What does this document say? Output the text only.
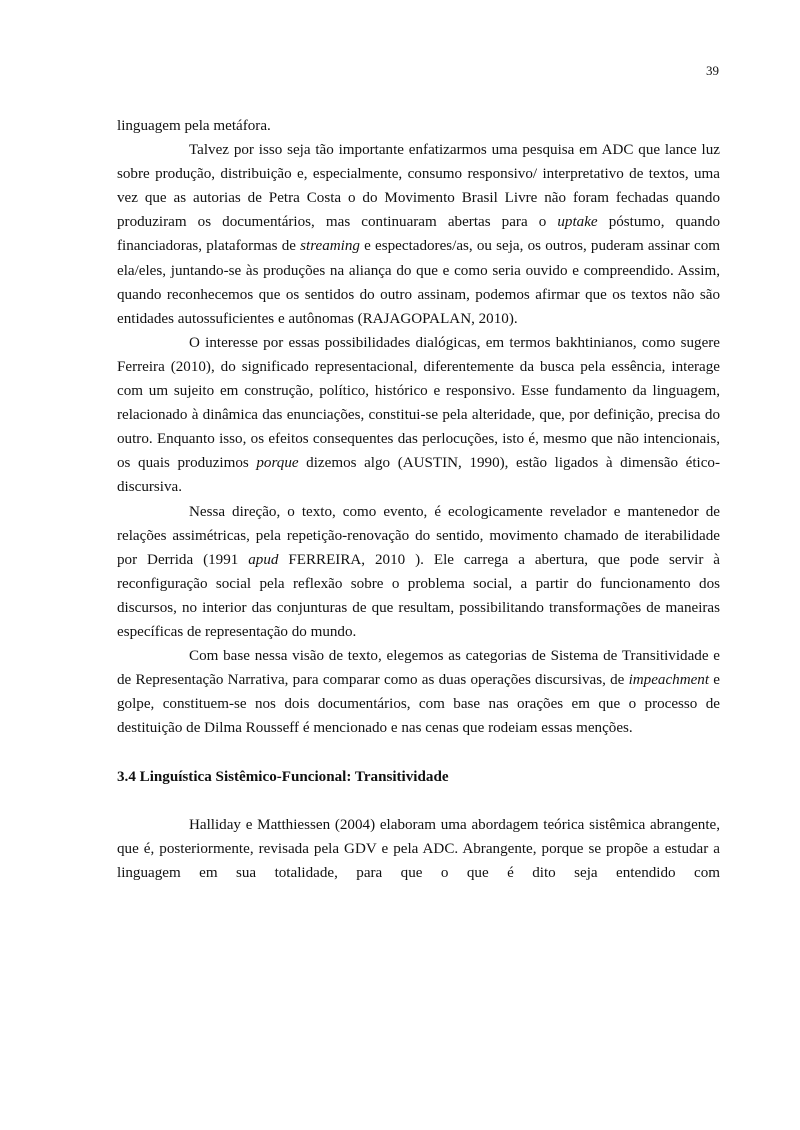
39

linguagem pela metáfora.

Talvez por isso seja tão importante enfatizarmos uma pesquisa em ADC que lance luz sobre produção, distribuição e, especialmente, consumo responsivo/ interpretativo de textos, uma vez que as autorias de Petra Costa o do Movimento Brasil Livre não foram fechadas quando produziram os documentários, mas continuaram abertas para o uptake póstumo, quando financiadoras, plataformas de streaming e espectadores/as, ou seja, os outros, puderam assinar com ela/eles, juntando-se às produções na aliança do que e como seria ouvido e compreendido. Assim, quando reconhecemos que os sentidos do outro assinam, podemos afirmar que os textos não são entidades autossuficientes e autônomas (RAJAGOPALAN, 2010).

O interesse por essas possibilidades dialógicas, em termos bakhtinianos, como sugere Ferreira (2010), do significado representacional, diferentemente da busca pela essência, interage com um sujeito em construção, político, histórico e responsivo. Esse fundamento da linguagem, relacionado à dinâmica das enunciações, constitui-se pela alteridade, que, por definição, precisa do outro. Enquanto isso, os efeitos consequentes das perlocuções, isto é, mesmo que não intencionais, os quais produzimos porque dizemos algo (AUSTIN, 1990), estão ligados à dimensão ético-discursiva.

Nessa direção, o texto, como evento, é ecologicamente revelador e mantenedor de relações assimétricas, pela repetição-renovação do sentido, movimento chamado de iterabilidade por Derrida (1991 apud FERREIRA, 2010 ). Ele carrega a abertura, que pode servir à reconfiguração social pela reflexão sobre o problema social, a partir do funcionamento dos discursos, no interior das conjunturas de que resultam, possibilitando transformações de maneiras específicas de representação do mundo.

Com base nessa visão de texto, elegemos as categorias de Sistema de Transitividade e de Representação Narrativa, para comparar como as duas operações discursivas, de impeachment e golpe, constituem-se nos dois documentários, com base nas orações em que o processo de destituição de Dilma Rousseff é mencionado e nas cenas que rodeiam essas menções.

3.4 Linguística Sistêmico-Funcional: Transitividade

Halliday e Matthiessen (2004) elaboram uma abordagem teórica sistêmica abrangente, que é, posteriormente, revisada pela GDV e pela ADC. Abrangente, porque se propõe a estudar a linguagem em sua totalidade, para que o que é dito seja entendido com
